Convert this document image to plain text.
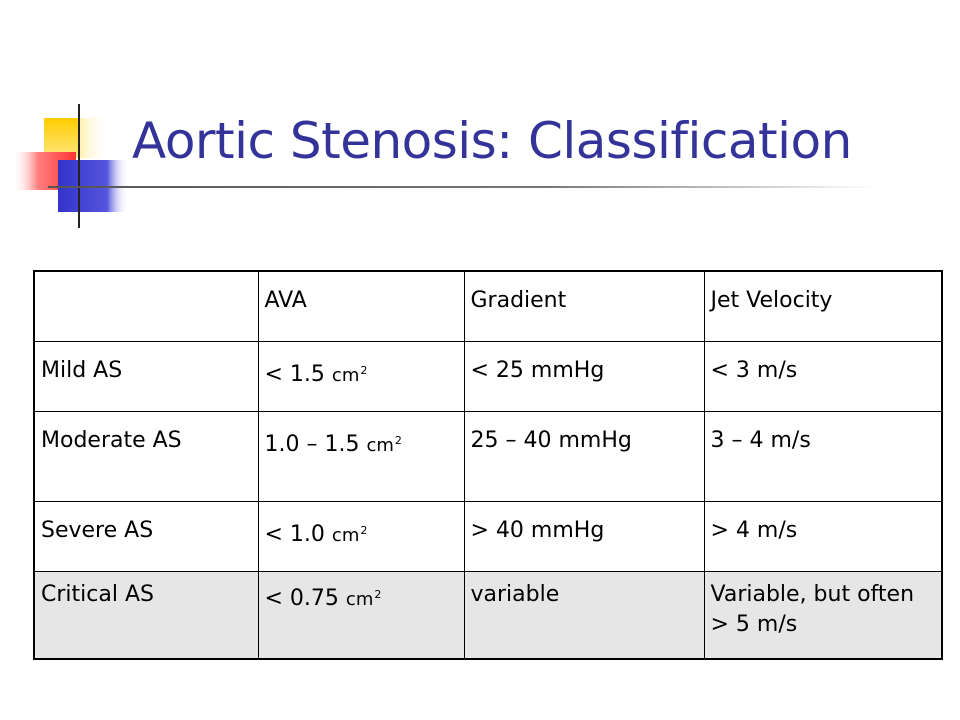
Aortic Stenosis: Classification
	AVA	Gradient	Jet Velocity
Mild AS	< 1.5 $cm^2$	< 25 mmHg	< 3 m/s
Moderate AS	1.0 – 1.5 $cm^2$	25 – 40 mmHg	3 – 4 m/s
Severe AS	< 1.0 $cm^2$	> 40 mmHg	> 4 m/s
Critical AS	< 0.75 $cm^2$	variable	Variable, but often > 5 m/s
